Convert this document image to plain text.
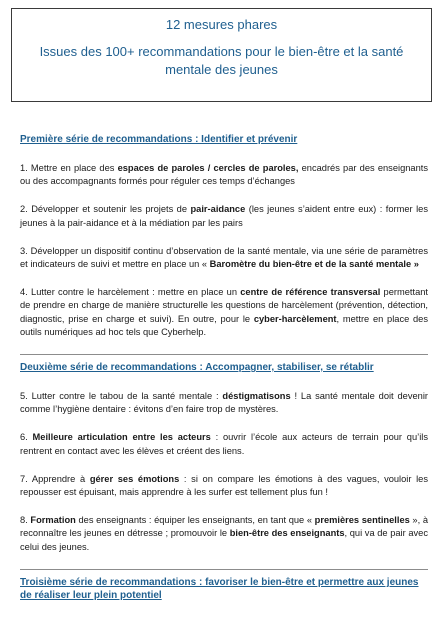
12 mesures phares
Issues des 100+ recommandations pour le bien-être et la santé mentale des jeunes
Première série de recommandations : Identifier et prévenir
1. Mettre en place des espaces de paroles / cercles de paroles, encadrés par des enseignants ou des accompagnants formés pour réguler ces temps d’échanges
2. Développer et soutenir les projets de pair-aidance (les jeunes s’aident entre eux) : former les jeunes à la pair-aidance et à la médiation par les pairs
3. Développer un dispositif continu d’observation de la santé mentale, via une série de paramètres et indicateurs de suivi et mettre en place un « Baromètre du bien-être et de la santé mentale »
4. Lutter contre le harcèlement : mettre en place un centre de référence transversal permettant de prendre en charge de manière structurelle les questions de harcèlement (prévention, détection, diagnostic, prise en charge et suivi). En outre, pour le cyber-harcèlement, mettre en place des outils numériques ad hoc tels que Cyberhelp.
Deuxième série de recommandations : Accompagner, stabiliser, se rétablir
5. Lutter contre le tabou de la santé mentale : déstigmatisons ! La santé mentale doit devenir comme l’hygiène dentaire : évitons d’en faire trop de mystères.
6. Meilleure articulation entre les acteurs : ouvrir l’école aux acteurs de terrain pour qu’ils rentrent en contact avec les élèves et créent des liens.
7. Apprendre à gérer ses émotions : si on compare les émotions à des vagues, vouloir les repousser est épuisant, mais apprendre à les surfer est tellement plus fun !
8. Formation des enseignants : équiper les enseignants, en tant que « premières sentinelles », à reconnaître les jeunes en détresse ; promouvoir le bien-être des enseignants, qui va de pair avec celui des jeunes.
Troisième série de recommandations : favoriser le bien-être et permettre aux jeunes de réaliser leur plein potentiel
